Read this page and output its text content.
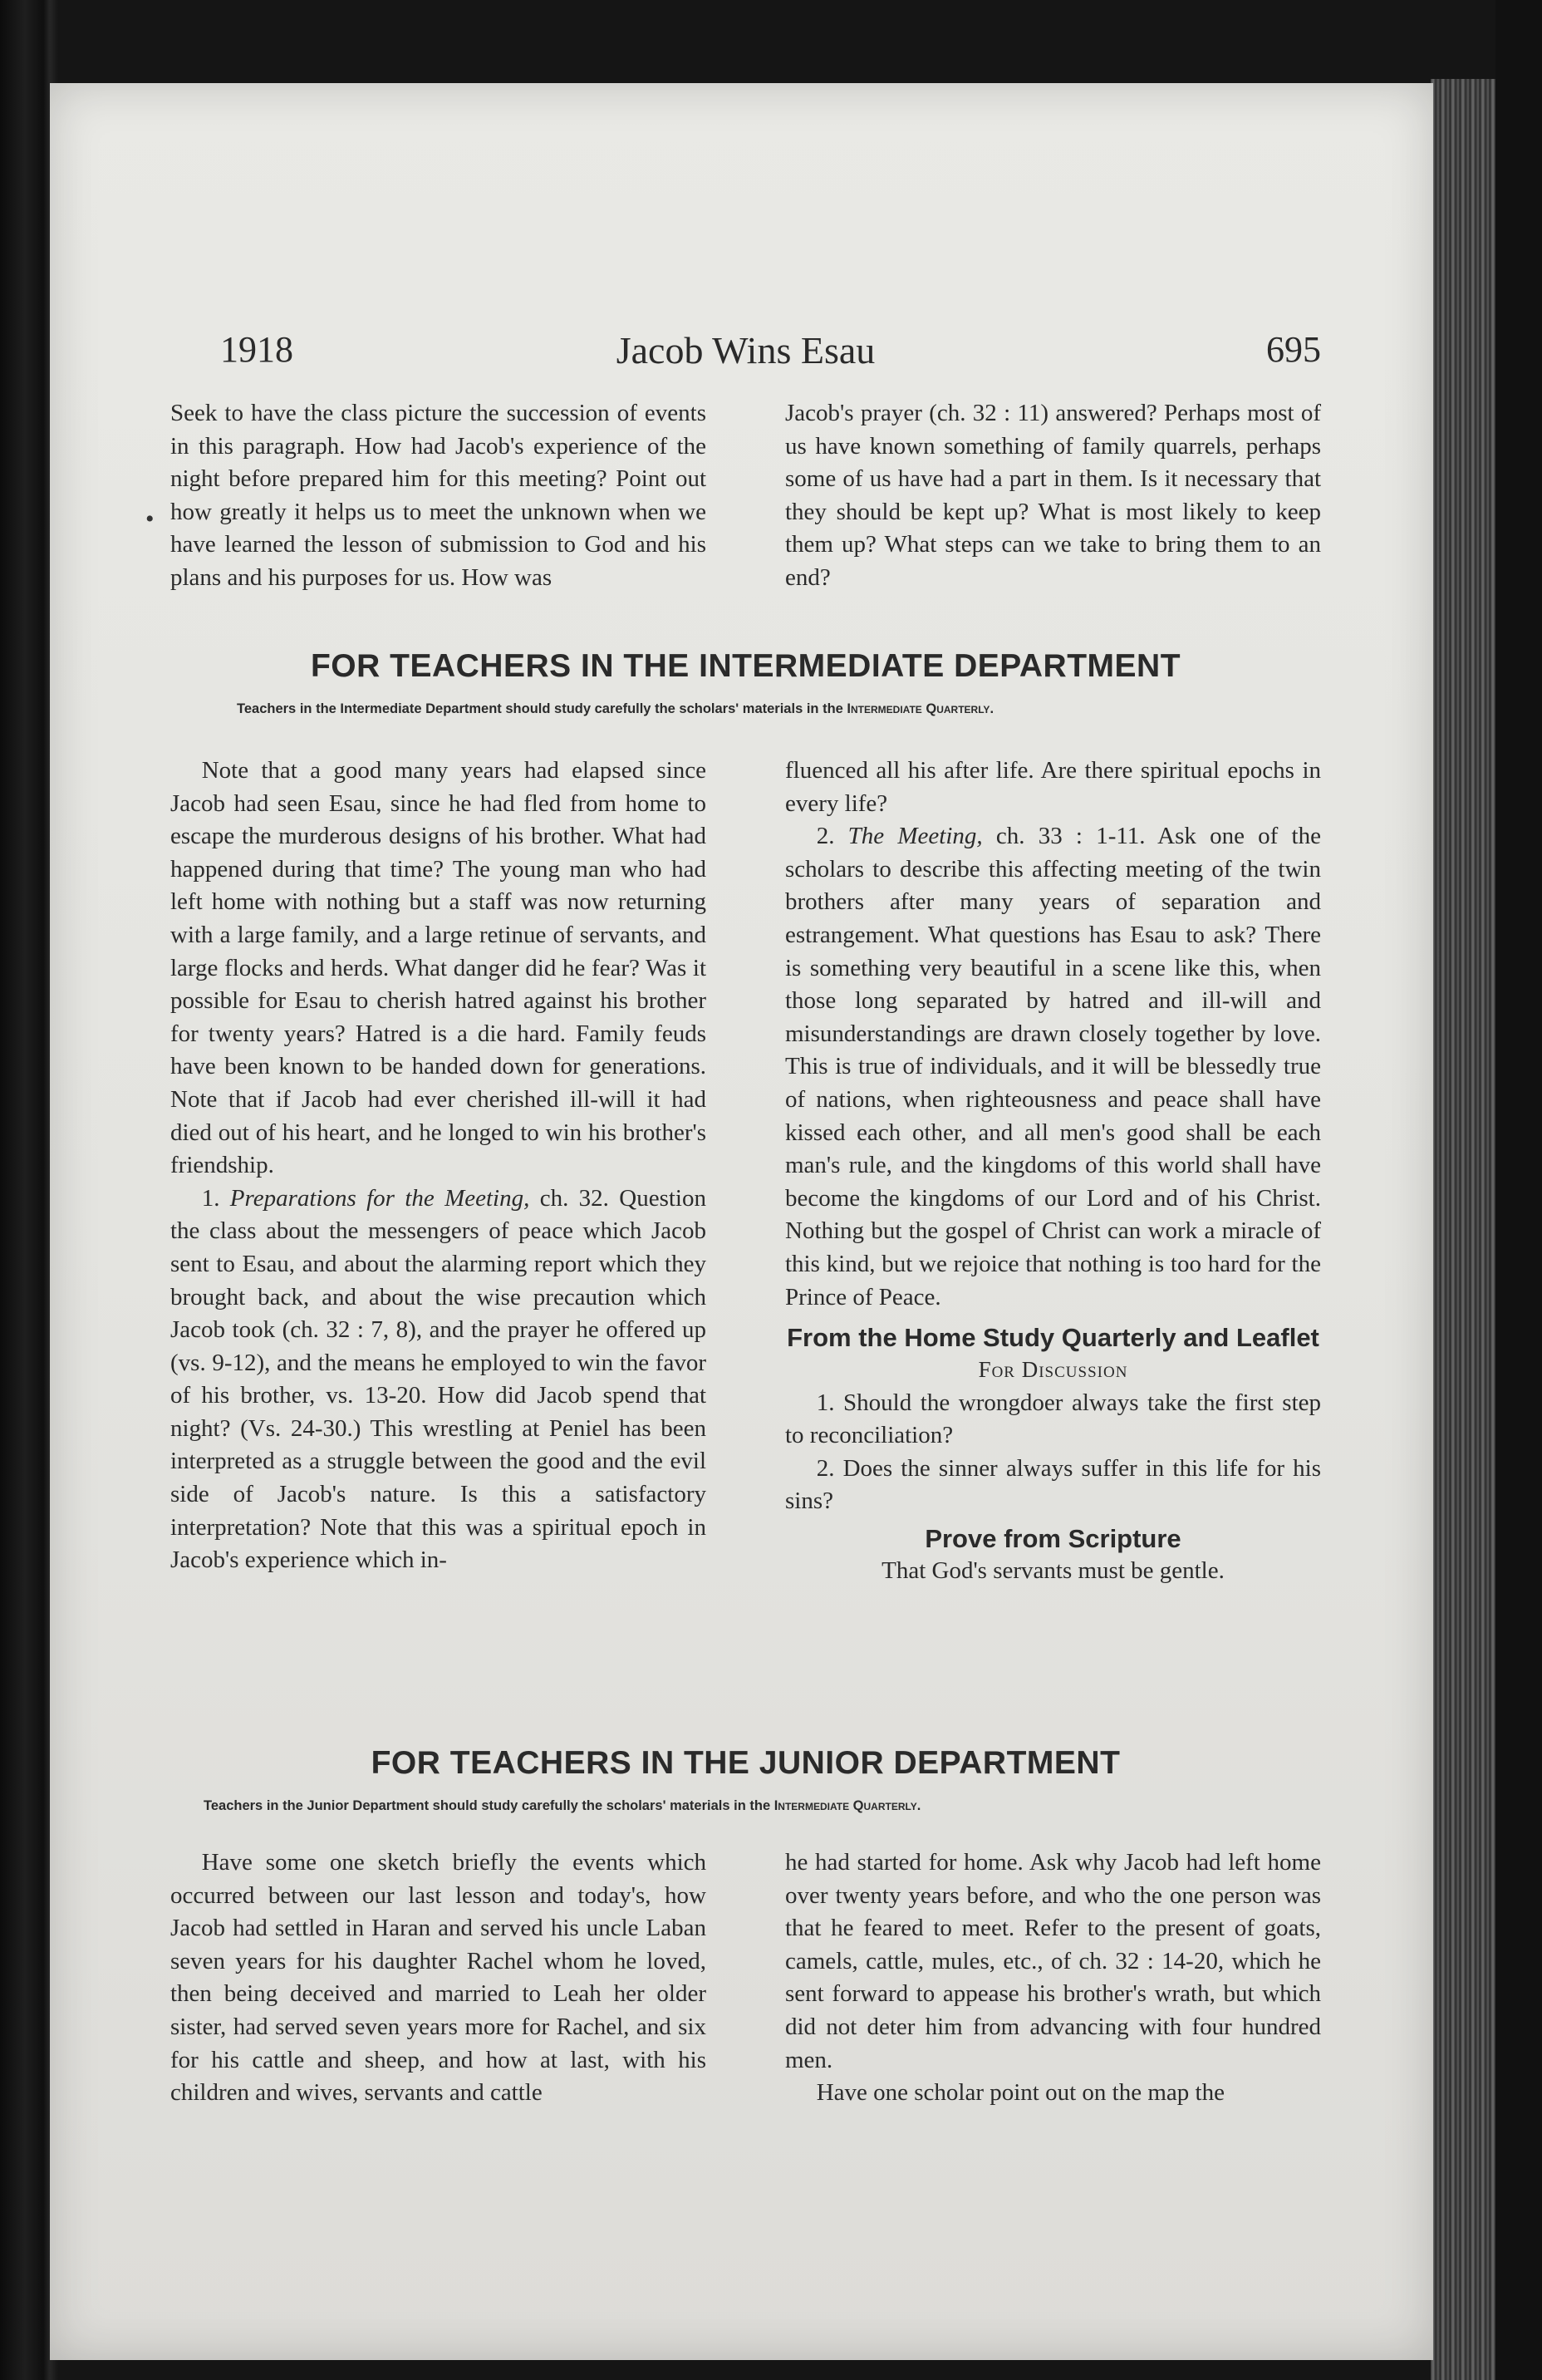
•
1918	Jacob Wins Esau	695

Seek to have the class picture the succession of events in this paragraph. How had Jacob's experience of the night before prepared him for this meeting? Point out how greatly it helps us to meet the unknown when we have learned the lesson of submission to God and his plans and his purposes for us. How was

Jacob's prayer (ch. 32 : 11) answered? Perhaps most of us have known something of family quarrels, perhaps some of us have had a part in them. Is it necessary that they should be kept up? What is most likely to keep them up? What steps can we take to bring them to an end?

FOR TEACHERS IN THE INTERMEDIATE DEPARTMENT
Teachers in the Intermediate Department should study carefully the scholars' materials in the Intermediate Quarterly.

Note that a good many years had elapsed since Jacob had seen Esau, since he had fled from home to escape the murderous designs of his brother. What had happened during that time? The young man who had left home with nothing but a staff was now returning with a large family, and a large retinue of servants, and large flocks and herds. What danger did he fear? Was it possible for Esau to cherish hatred against his brother for twenty years? Hatred is a die hard. Family feuds have been known to be handed down for generations. Note that if Jacob had ever cherished ill-will it had died out of his heart, and he longed to win his brother's friendship.

1. Preparations for the Meeting, ch. 32. Question the class about the messengers of peace which Jacob sent to Esau, and about the alarming report which they brought back, and about the wise precaution which Jacob took (ch. 32 : 7, 8), and the prayer he offered up (vs. 9-12), and the means he employed to win the favor of his brother, vs. 13-20. How did Jacob spend that night? (Vs. 24-30.) This wrestling at Peniel has been interpreted as a struggle between the good and the evil side of Jacob's nature. Is this a satisfactory interpretation? Note that this was a spiritual epoch in Jacob's experience which in-

fluenced all his after life. Are there spiritual epochs in every life?

2. The Meeting, ch. 33 : 1-11. Ask one of the scholars to describe this affecting meeting of the twin brothers after many years of separation and estrangement. What questions has Esau to ask? There is something very beautiful in a scene like this, when those long separated by hatred and ill-will and misunderstandings are drawn closely together by love. This is true of individuals, and it will be blessedly true of nations, when righteousness and peace shall have kissed each other, and all men's good shall be each man's rule, and the kingdoms of this world shall have become the kingdoms of our Lord and of his Christ. Nothing but the gospel of Christ can work a miracle of this kind, but we rejoice that nothing is too hard for the Prince of Peace.

From the Home Study Quarterly and Leaflet

For Discussion

1. Should the wrongdoer always take the first step to reconciliation?

2. Does the sinner always suffer in this life for his sins?

Prove from Scripture

That God's servants must be gentle.

FOR TEACHERS IN THE JUNIOR DEPARTMENT
Teachers in the Junior Department should study carefully the scholars' materials in the Intermediate Quarterly.

Have some one sketch briefly the events which occurred between our last lesson and today's, how Jacob had settled in Haran and served his uncle Laban seven years for his daughter Rachel whom he loved, then being deceived and married to Leah her older sister, had served seven years more for Rachel, and six for his cattle and sheep, and how at last, with his children and wives, servants and cattle

he had started for home. Ask why Jacob had left home over twenty years before, and who the one person was that he feared to meet. Refer to the present of goats, camels, cattle, mules, etc., of ch. 32 : 14-20, which he sent forward to appease his brother's wrath, but which did not deter him from advancing with four hundred men.

Have one scholar point out on the map the
